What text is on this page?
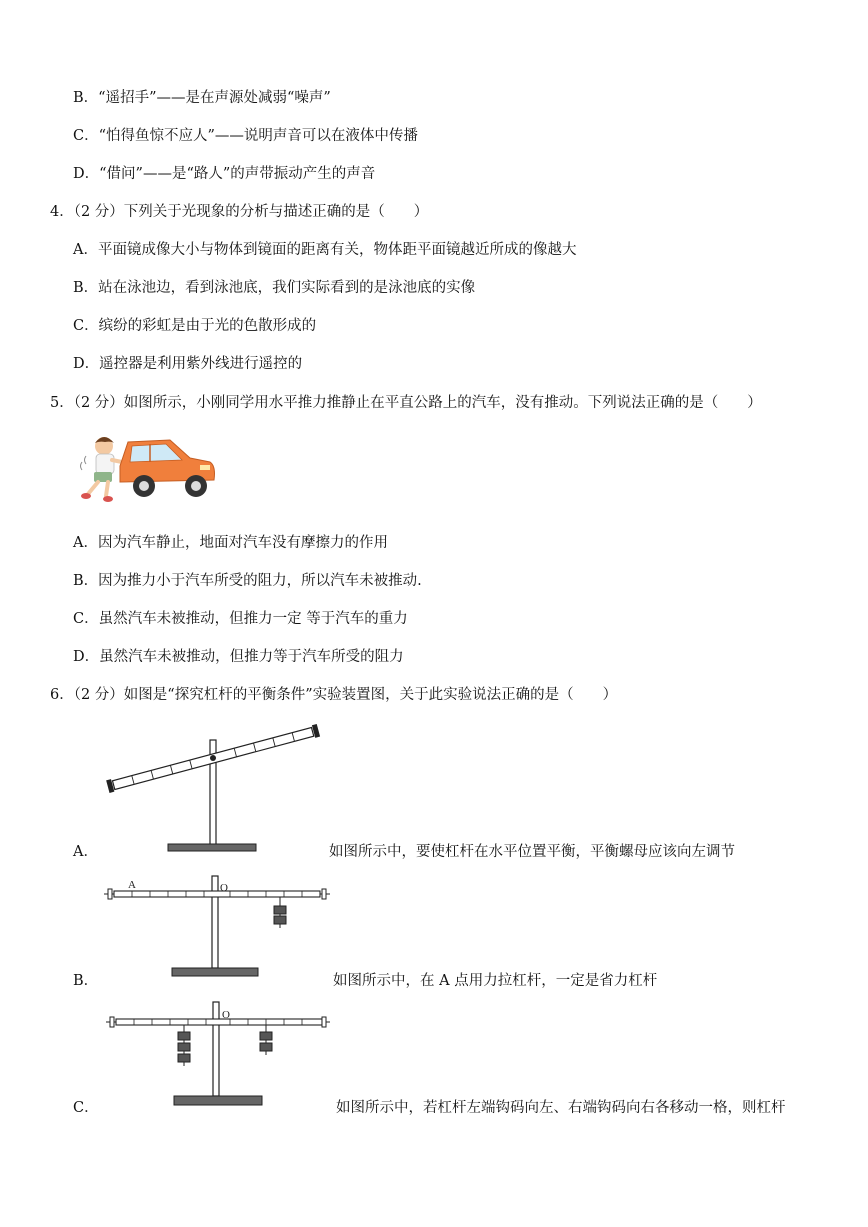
B．“遥招手”——是在声源处减弱“噪声”
C．“怕得鱼惊不应人”——说明声音可以在液体中传播
D．“借问”——是“路人”的声带振动产生的声音
4．（2 分）下列关于光现象的分析与描述正确的是（　　）
A．平面镜成像大小与物体到镜面的距离有关，物体距平面镜越近所成的像越大
B．站在泳池边，看到泳池底，我们实际看到的是泳池底的实像
C．缤纷的彩虹是由于光的色散形成的
D．遥控器是利用紫外线进行遥控的
5．（2 分）如图所示，小刚同学用水平推力推静止在平直公路上的汽车，没有推动。下列说法正确的是（　　）
A．因为汽车静止，地面对汽车没有摩擦力的作用
B．因为推力小于汽车所受的阻力，所以汽车未被推动.
C．虽然汽车未被推动，但推力一定 等于汽车的重力
D．虽然汽车未被推动，但推力等于汽车所受的阻力
6．（2 分）如图是“探究杠杆的平衡条件”实验装置图，关于此实验说法正确的是（　　）
A．	如图所示中，要使杠杆在水平位置平衡，平衡螺母应该向左调节
B．
A	O
如图所示中，在 A 点用力拉杠杆，一定是省力杠杆
C．
O
如图所示中，若杠杆左端钩码向左、右端钩码向右各移动一格，则杠杆
